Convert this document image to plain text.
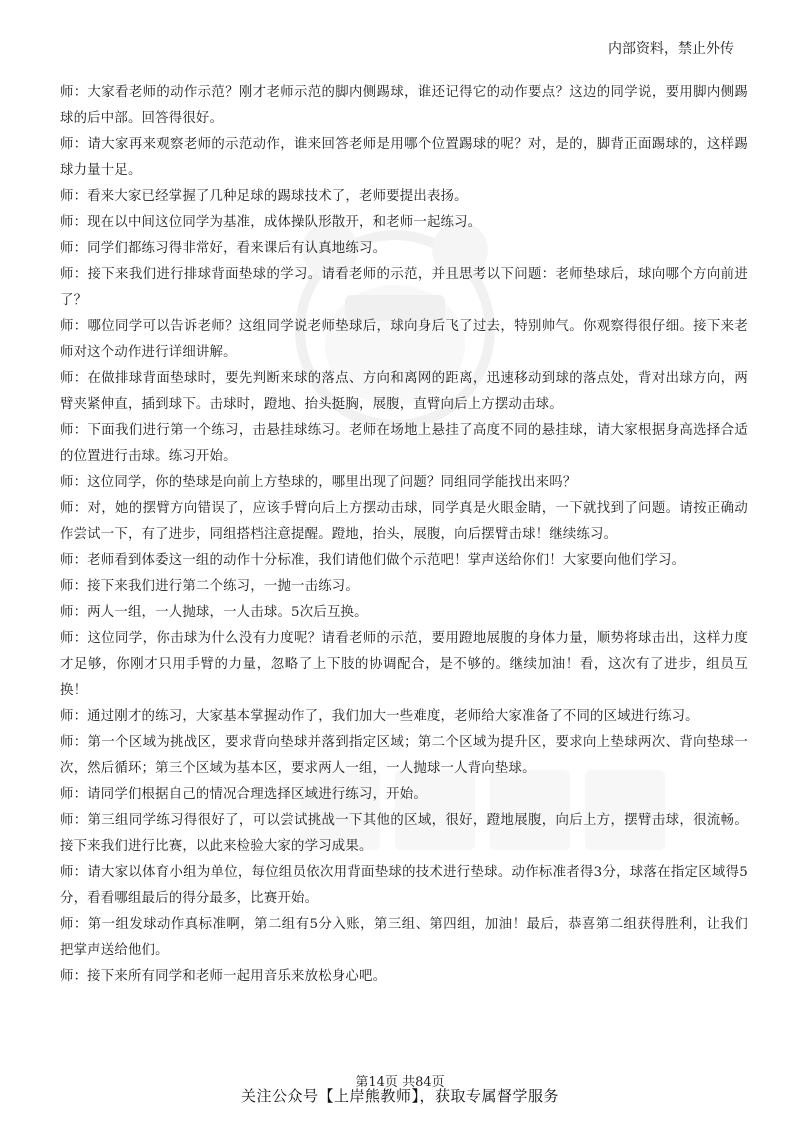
内部资料，禁止外传

师：大家看老师的动作示范？刚才老师示范的脚内侧踢球，谁还记得它的动作要点？这边的同学说，要用脚内侧踢球的后中部。回答得很好。

师：请大家再来观察老师的示范动作，谁来回答老师是用哪个位置踢球的呢？对，是的，脚背正面踢球的，这样踢球力量十足。

师：看来大家已经掌握了几种足球的踢球技术了，老师要提出表扬。

师：现在以中间这位同学为基准，成体操队形散开，和老师一起练习。

师：同学们都练习得非常好，看来课后有认真地练习。

师：接下来我们进行排球背面垫球的学习。请看老师的示范，并且思考以下问题：老师垫球后，球向哪个方向前进了？

师：哪位同学可以告诉老师？这组同学说老师垫球后，球向身后飞了过去，特别帅气。你观察得很仔细。接下来老师对这个动作进行详细讲解。

师：在做排球背面垫球时，要先判断来球的落点、方向和离网的距离，迅速移动到球的落点处，背对出球方向，两臂夹紧伸直，插到球下。击球时，蹬地、抬头挺胸，展腹，直臂向后上方摆动击球。

师：下面我们进行第一个练习，击悬挂球练习。老师在场地上悬挂了高度不同的悬挂球，请大家根据身高选择合适的位置进行击球。练习开始。

师：这位同学，你的垫球是向前上方垫球的，哪里出现了问题？同组同学能找出来吗？

师：对，她的摆臂方向错误了，应该手臂向后上方摆动击球，同学真是火眼金睛，一下就找到了问题。请按正确动作尝试一下，有了进步，同组搭档注意提醒。蹬地，抬头，展腹，向后摆臂击球！继续练习。

师：老师看到体委这一组的动作十分标准，我们请他们做个示范吧！掌声送给你们！大家要向他们学习。

师：接下来我们进行第二个练习，一抛一击练习。

师：两人一组，一人抛球，一人击球。5次后互换。

师：这位同学，你击球为什么没有力度呢？请看老师的示范，要用蹬地展腹的身体力量，顺势将球击出，这样力度才足够，你刚才只用手臂的力量，忽略了上下肢的协调配合，是不够的。继续加油！看，这次有了进步，组员互换！

师：通过刚才的练习，大家基本掌握动作了，我们加大一些难度，老师给大家准备了不同的区域进行练习。

师：第一个区域为挑战区，要求背向垫球并落到指定区域；第二个区域为提升区，要求向上垫球两次、背向垫球一次，然后循环；第三个区域为基本区，要求两人一组，一人抛球一人背向垫球。

师：请同学们根据自己的情况合理选择区域进行练习，开始。

师：第三组同学练习得很好了，可以尝试挑战一下其他的区域，很好，蹬地展腹，向后上方，摆臂击球，很流畅。接下来我们进行比赛，以此来检验大家的学习成果。

师：请大家以体育小组为单位，每位组员依次用背面垫球的技术进行垫球。动作标准者得3分，球落在指定区域得5分，看看哪组最后的得分最多，比赛开始。

师：第一组发球动作真标准啊，第二组有5分入账，第三组、第四组，加油！最后，恭喜第二组获得胜利，让我们把掌声送给他们。

师：接下来所有同学和老师一起用音乐来放松身心吧。

第14页 共84页
关注公众号【上岸熊教师】，获取专属督学服务
